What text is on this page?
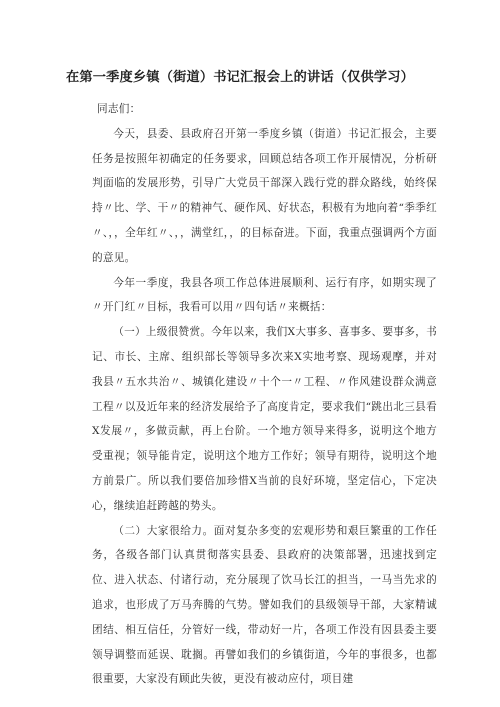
在第一季度乡镇（街道）书记汇报会上的讲话（仅供学习）

同志们：

今天，县委、县政府召开第一季度乡镇（街道）书记汇报会，主要任务是按照年初确定的任务要求，回顾总结各项工作开展情况，分析研判面临的发展形势，引导广大党员干部深入践行党的群众路线，始终保持〃比、学、干〃的精神气、硬作风、好状态，积极有为地向着“季季红〃、，，全年红〃、，，满堂红，，的目标奋进。下面，我重点强调两个方面的意见。

今年一季度，我县各项工作总体进展顺利、运行有序，如期实现了〃开门红〃目标，我看可以用〃四句话〃来概括：

（一）上级很赞赏。今年以来，我们X大事多、喜事多、要事多，书记、市长、主席、组织部长等领导多次来X实地考察、现场观摩，并对我县〃五水共治〃、城镇化建设〃十个一〃工程、〃作风建设群众满意工程〃以及近年来的经济发展给予了高度肯定，要求我们“跳出北三县看X发展〃，多做贡献，再上台阶。一个地方领导来得多，说明这个地方受重视；领导能肯定，说明这个地方工作好；领导有期待，说明这个地方前景广。所以我们要倍加珍惜X当前的良好环境，坚定信心，下定决心，继续追赶跨越的势头。

（二）大家很给力。面对复杂多变的宏观形势和艰巨繁重的工作任务，各级各部门认真贯彻落实县委、县政府的决策部署，迅速找到定位、进入状态、付诸行动，充分展现了饮马长江的担当，一马当先求的追求，也形成了万马奔腾的气势。譬如我们的县级领导干部，大家精诚团结、相互信任，分管好一线，带动好一片，各项工作没有因县委主要领导调整而延误、耽搁。再譬如我们的乡镇街道，今年的事很多，也都很重要，大家没有顾此失彼，更没有被动应付，项目建
